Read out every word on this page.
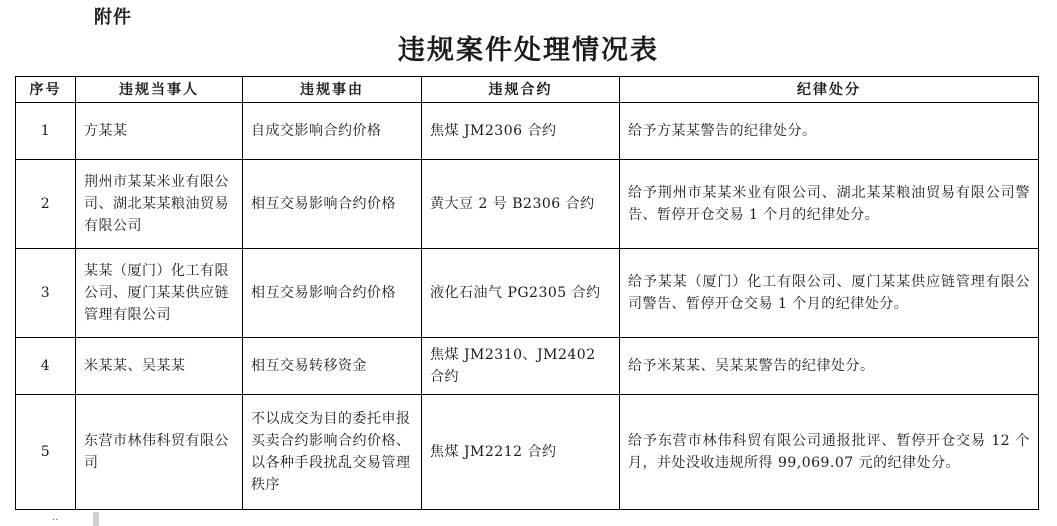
附件
违规案件处理情况表
序号	违规当事人	违规事由	违规合约	纪律处分
1	方某某	自成交影响合约价格	焦煤 JM2306 合约	给予方某某警告的纪律处分。
2	荆州市某某米业有限公司、湖北某某粮油贸易有限公司	相互交易影响合约价格	黄大豆 2 号 B2306 合约	给予荆州市某某米业有限公司、湖北某某粮油贸易有限公司警告、暂停开仓交易 1 个月的纪律处分。
3	某某（厦门）化工有限公司、厦门某某供应链管理有限公司	相互交易影响合约价格	液化石油气 PG2305 合约	给予某某（厦门）化工有限公司、厦门某某供应链管理有限公司警告、暂停开仓交易 1 个月的纪律处分。
4	米某某、吴某某	相互交易转移资金	焦煤 JM2310、JM2402 合约	给予米某某、吴某某警告的纪律处分。
5	东营市林伟科贸有限公司	不以成交为目的委托申报买卖合约影响合约价格、以各种手段扰乱交易管理秩序	焦煤 JM2212 合约	给予东营市林伟科贸有限公司通报批评、暂停开仓交易 12 个月，并处没收违规所得 99,069.07 元的纪律处分。
··
